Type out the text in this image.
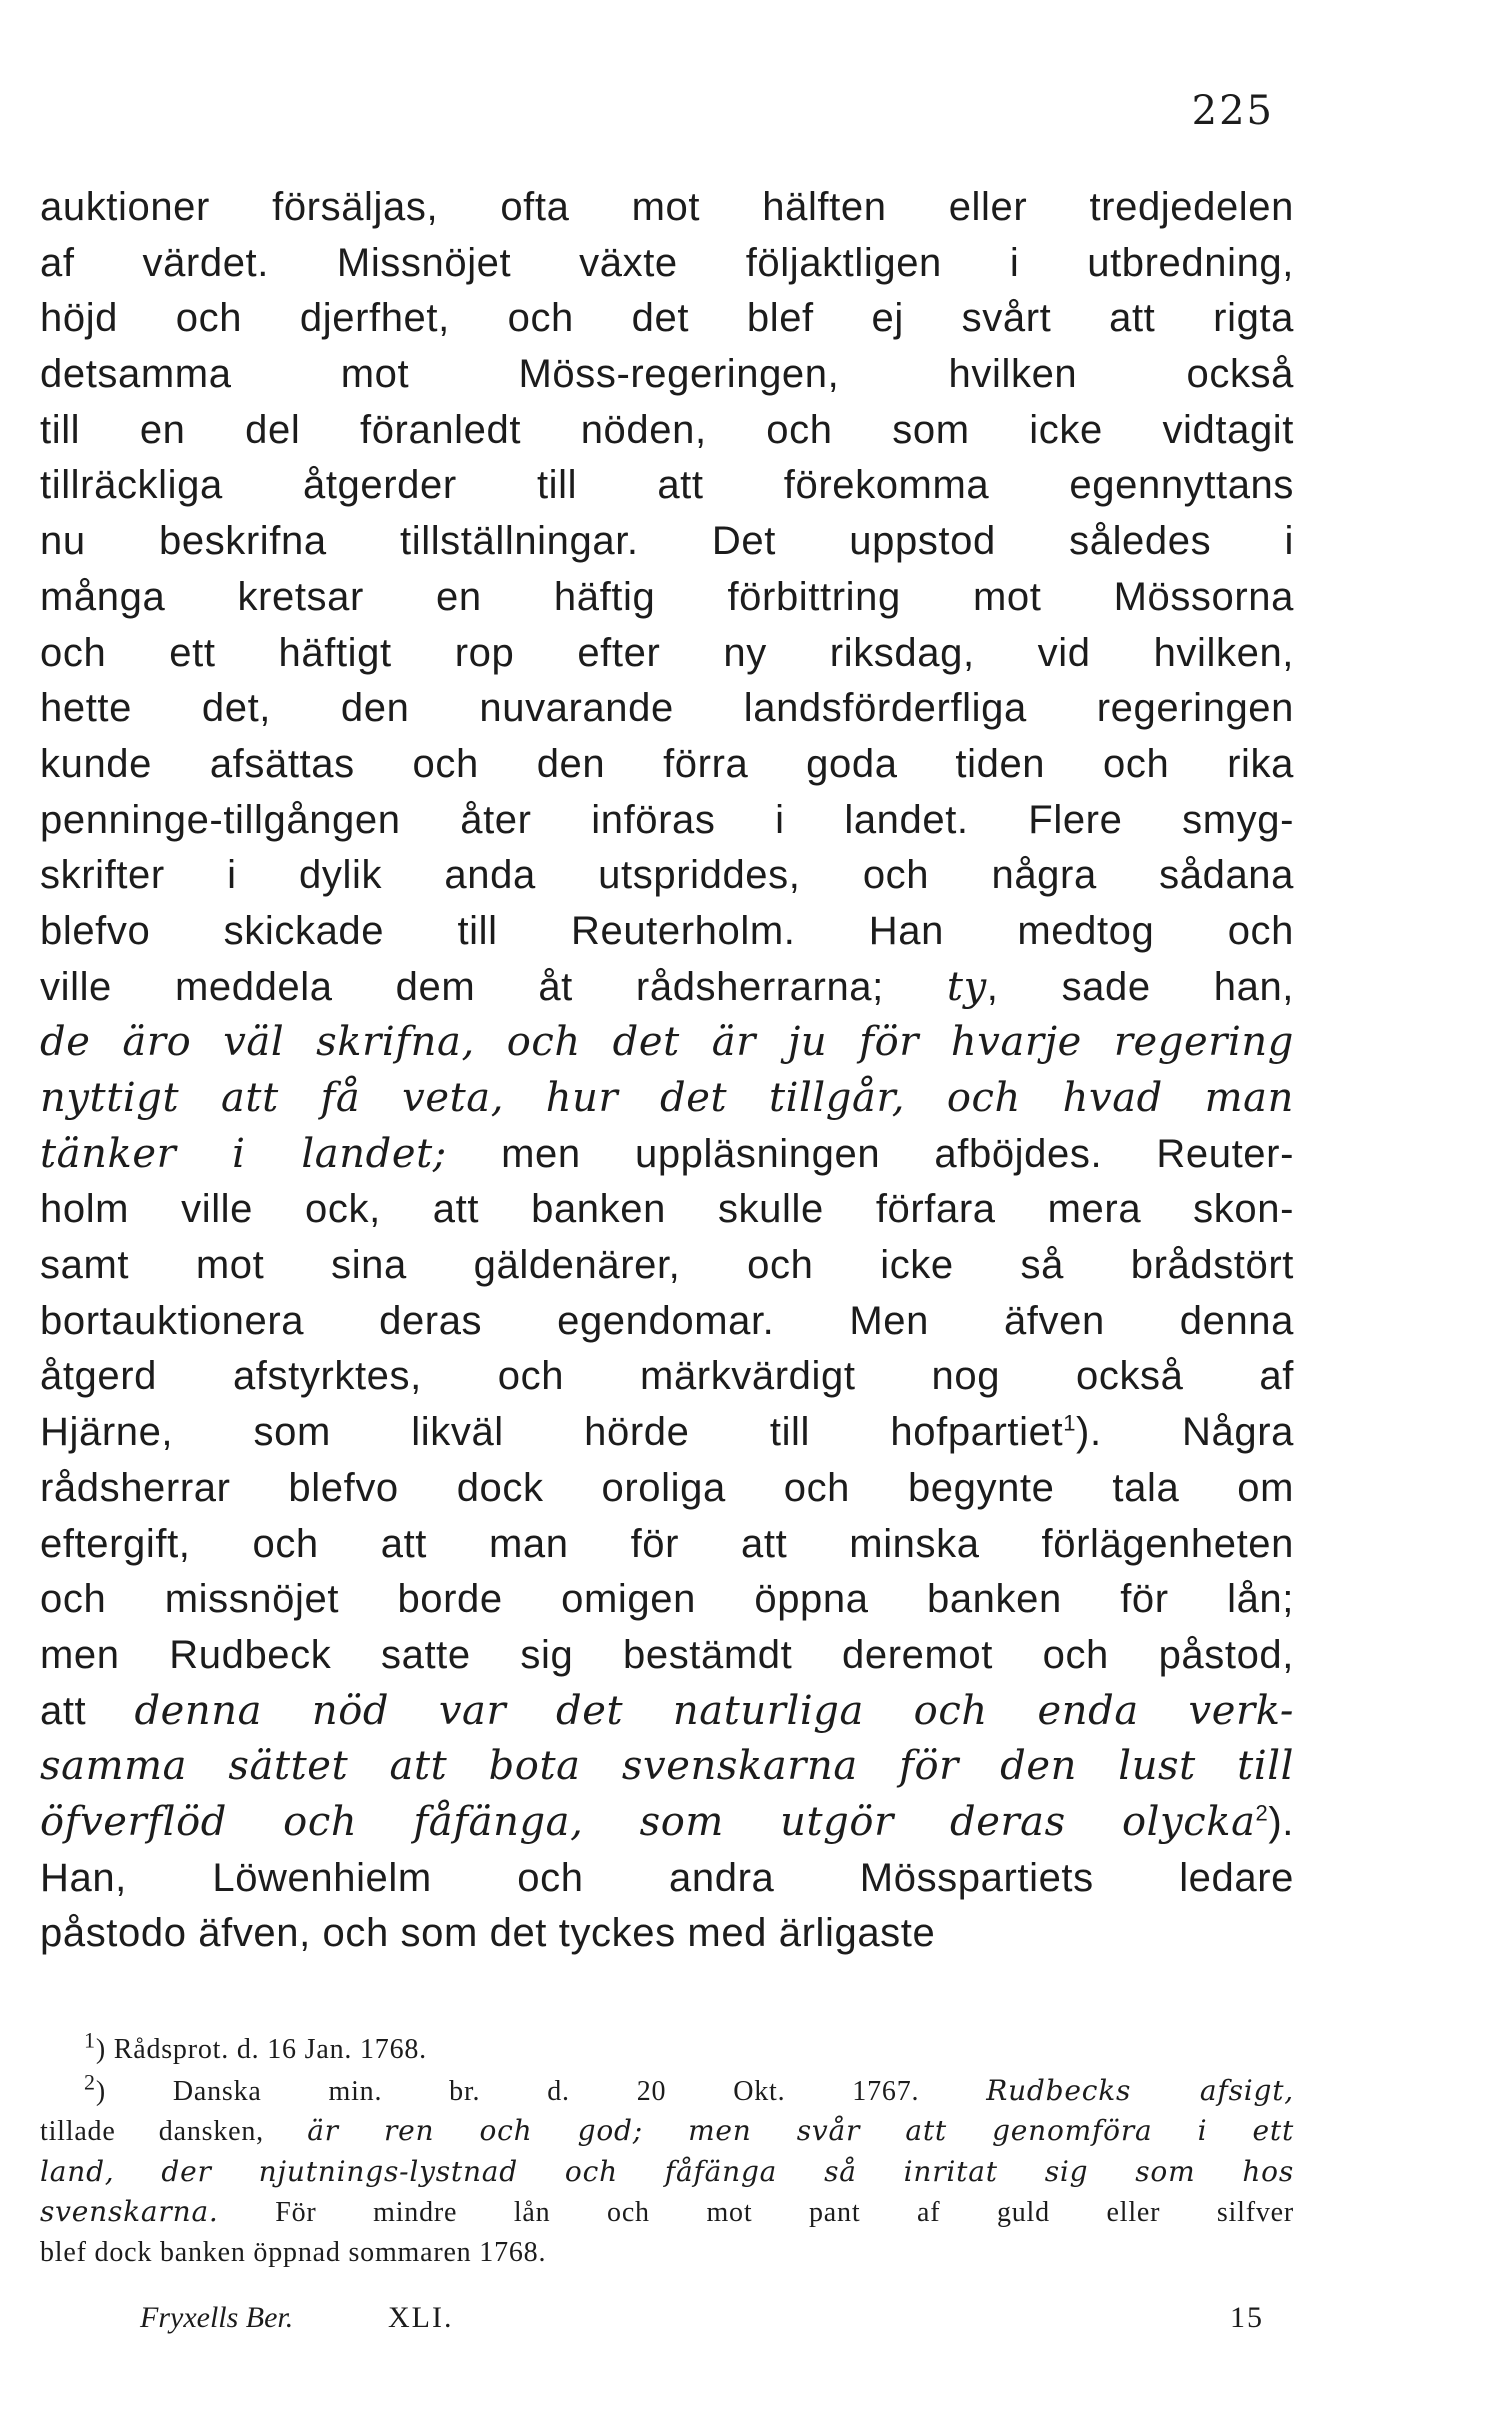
225
auktioner försäljas, ofta mot hälften eller tredjedelen
af värdet. Missnöjet växte följaktligen i utbredning,
höjd och djerfhet, och det blef ej svårt att rigta
detsamma mot Möss-regeringen, hvilken också
till en del föranledt nöden, och som icke vidtagit
tillräckliga åtgerder till att förekomma egennyttans
nu beskrifna tillställningar. Det uppstod således i
många kretsar en häftig förbittring mot Mössorna
och ett häftigt rop efter ny riksdag, vid hvilken,
hette det, den nuvarande landsförderfliga regeringen
kunde afsättas och den förra goda tiden och rika
penninge-tillgången åter införas i landet. Flere smyg-
skrifter i dylik anda utspriddes, och några sådana
blefvo skickade till Reuterholm. Han medtog och
ville meddela dem åt rådsherrarna; ty, sade han,
de äro väl skrifna, och det är ju för hvarje regering
nyttigt att få veta, hur det tillgår, och hvad man
tänker i landet; men uppläsningen afböjdes. Reuter-
holm ville ock, att banken skulle förfara mera skon-
samt mot sina gäldenärer, och icke så brådstört
bortauktionera deras egendomar. Men äfven denna
åtgerd afstyrktes, och märkvärdigt nog också af
Hjärne, som likväl hörde till hofpartiet$^1$). Några
rådsherrar blefvo dock oroliga och begynte tala om
eftergift, och att man för att minska förlägenheten
och missnöjet borde omigen öppna banken för lån;
men Rudbeck satte sig bestämdt deremot och påstod,
att denna nöd var det naturliga och enda verk-
samma sättet att bota svenskarna för den lust till
öfverflöd och fåfänga, som utgör deras olycka$^2$).
Han, Löwenhielm och andra Mösspartiets ledare
påstodo äfven, och som det tyckes med ärligaste
$^1$) Rådsprot. d. 16 Jan. 1768.
$^2$) Danska min. br. d. 20 Okt. 1767. Rudbecks afsigt,
tillade dansken, är ren och god; men svår att genomföra i ett
land, der njutnings-lystnad och fåfänga så inritat sig som hos
svenskarna. För mindre lån och mot pant af guld eller silfver
blef dock banken öppnad sommaren 1768.
Fryxells Ber.	XLI.	15
